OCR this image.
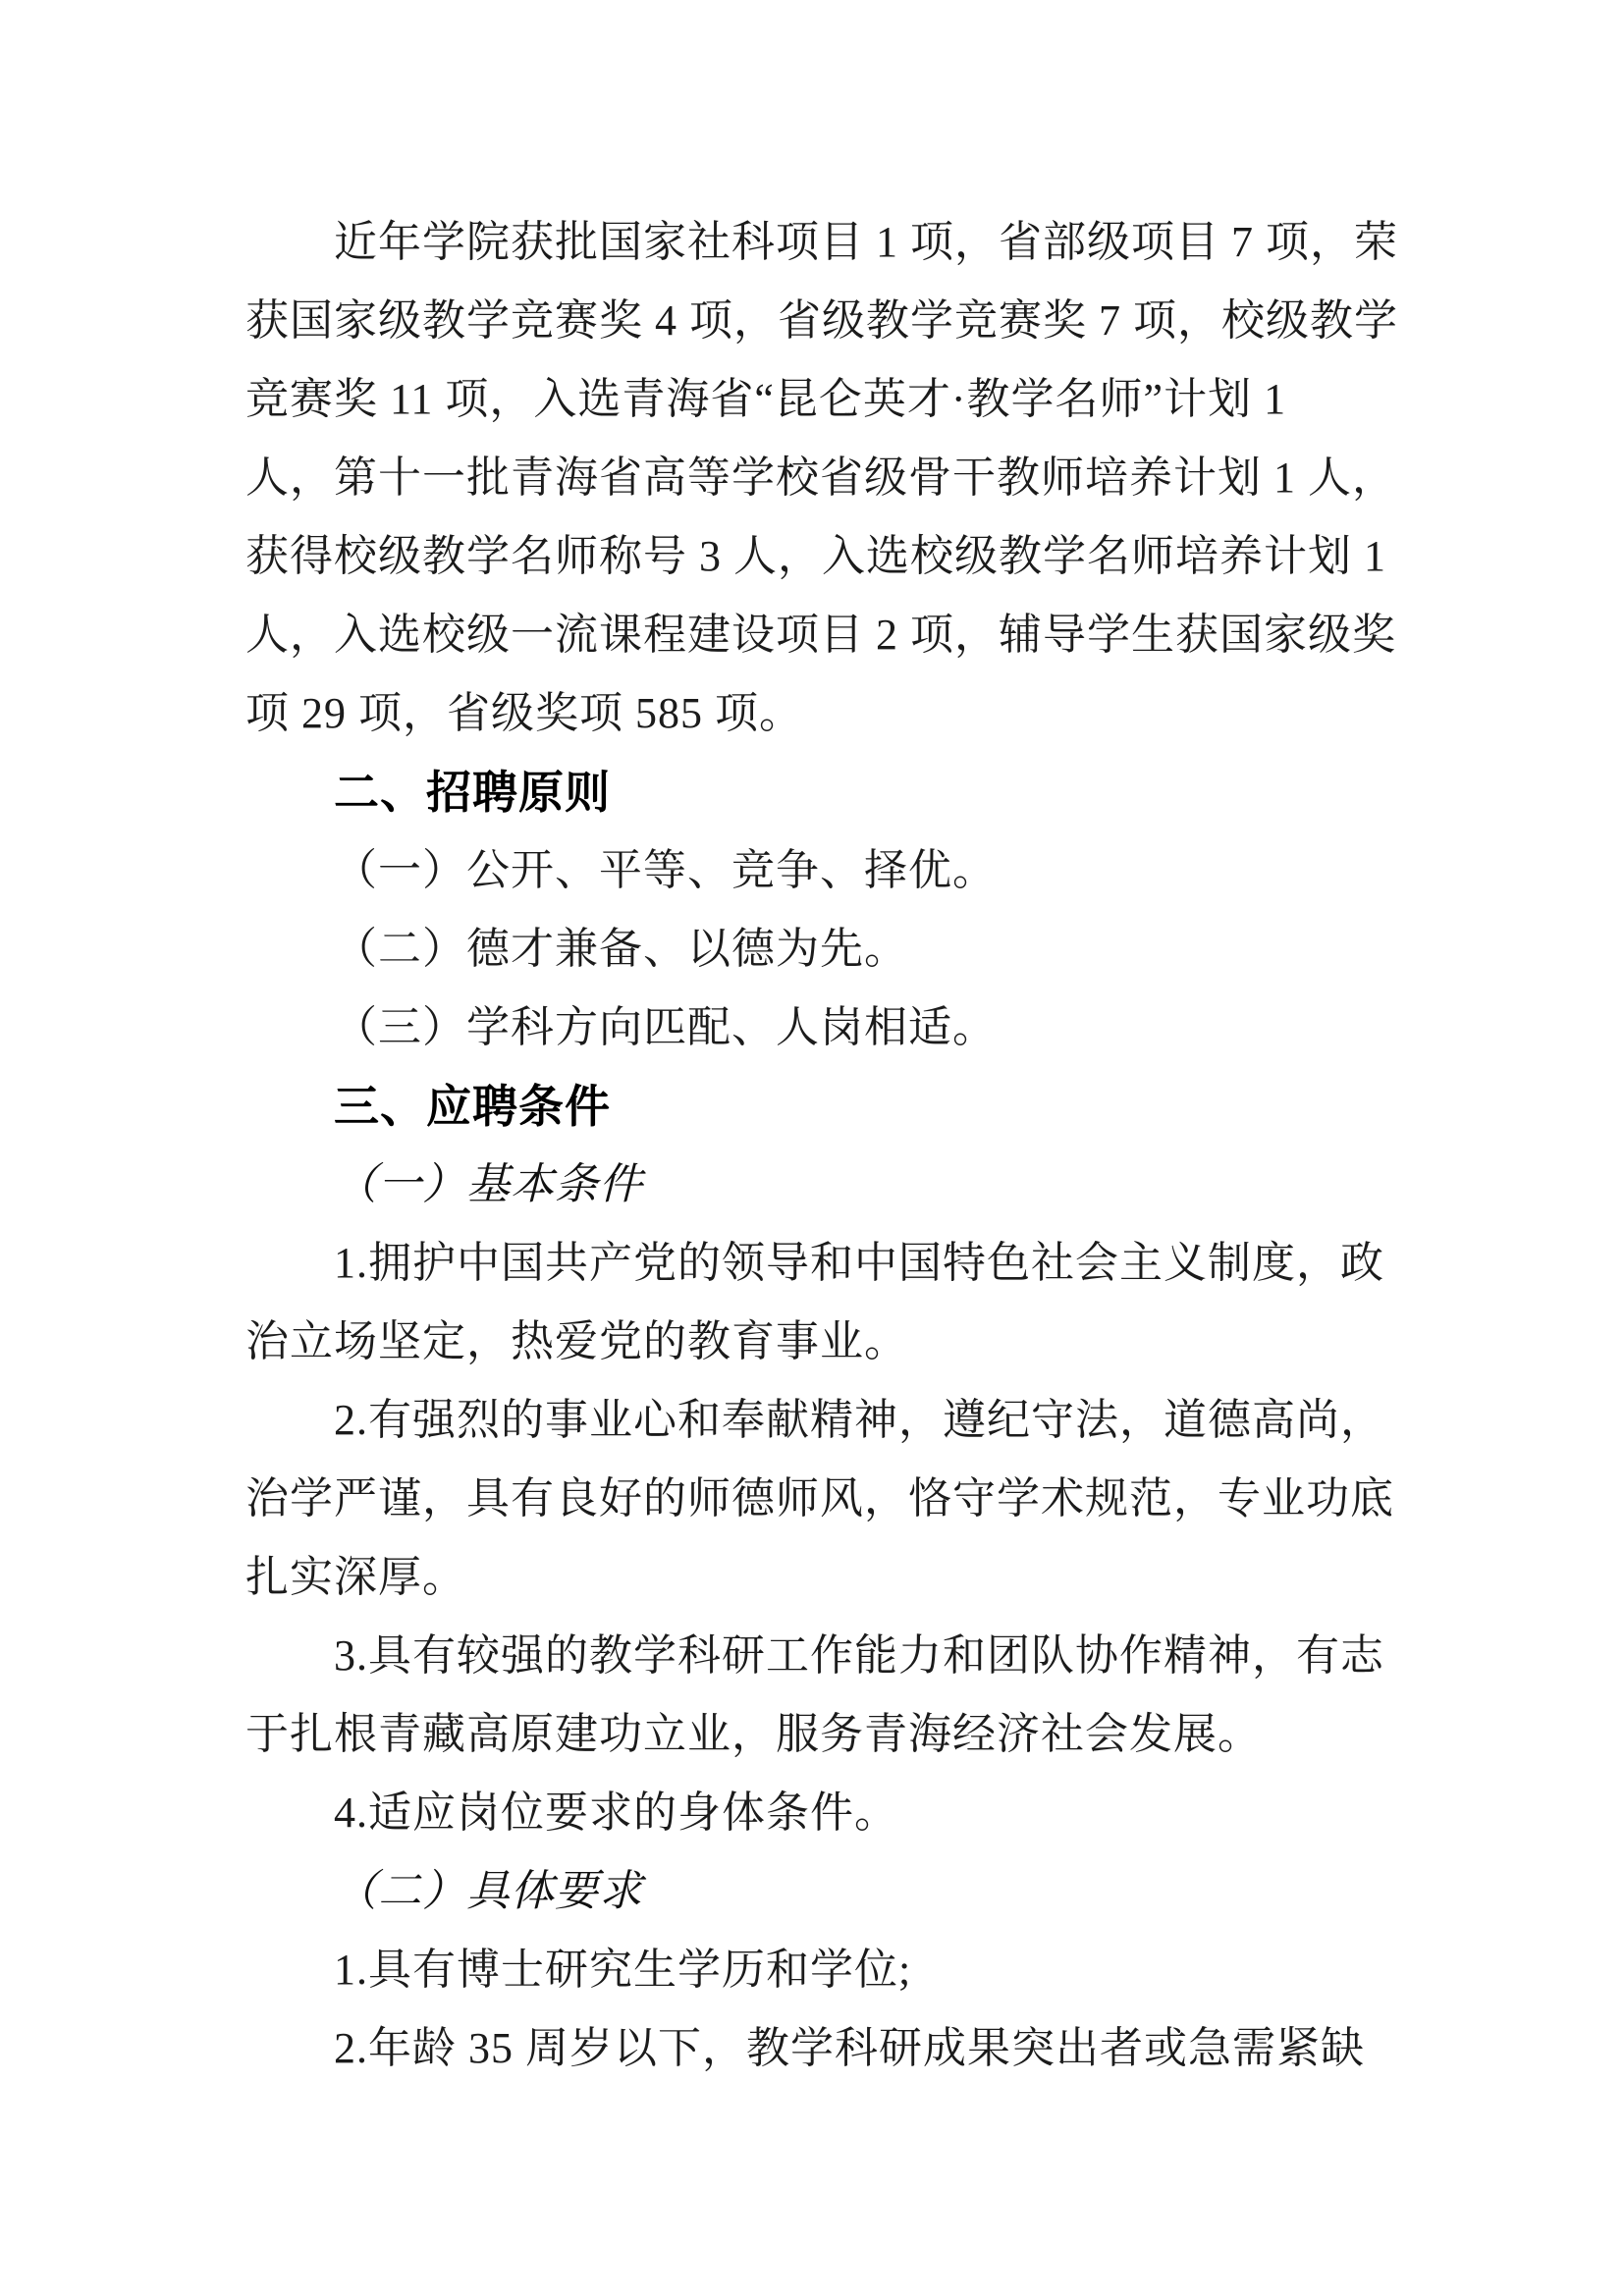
近年学院获批国家社科项目 1 项，省部级项目 7 项，荣
获国家级教学竞赛奖 4 项，省级教学竞赛奖 7 项，校级教学
竞赛奖 11 项，入选青海省“昆仑英才·教学名师”计划 1
人，第十一批青海省高等学校省级骨干教师培养计划 1 人，
获得校级教学名师称号 3 人，入选校级教学名师培养计划 1
人，入选校级一流课程建设项目 2 项，辅导学生获国家级奖
项 29 项，省级奖项 585 项。
二、招聘原则
（一）公开、平等、竞争、择优。
（二）德才兼备、以德为先。
（三）学科方向匹配、人岗相适。
三、应聘条件
（一）基本条件
1.拥护中国共产党的领导和中国特色社会主义制度，政
治立场坚定，热爱党的教育事业。
2.有强烈的事业心和奉献精神，遵纪守法，道德高尚，
治学严谨，具有良好的师德师风，恪守学术规范，专业功底
扎实深厚。
3.具有较强的教学科研工作能力和团队协作精神，有志
于扎根青藏高原建功立业，服务青海经济社会发展。
4.适应岗位要求的身体条件。
（二）具体要求
1.具有博士研究生学历和学位;
2.年龄 35 周岁以下，教学科研成果突出者或急需紧缺
